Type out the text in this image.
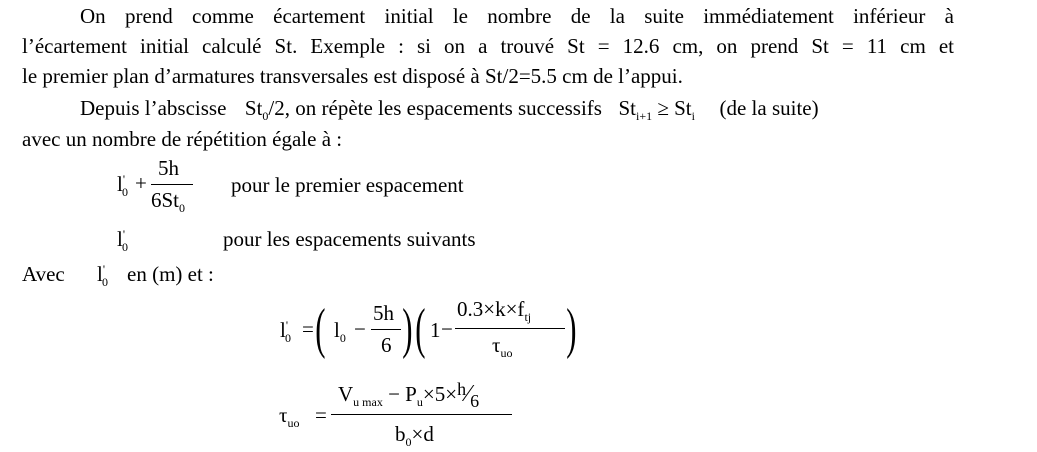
On prend comme écartement initial le nombre de la suite immédiatement inférieur à
l’écartement initial calculé St. Exemple : si on a trouvé St = 12.6 cm, on prend St = 11 cm et
le premier plan d’armatures transversales est disposé à St/2=5.5 cm de l’appui.
Depuis l’abscisse $St_0/2$, on répète les espacements successifs $St_{i+1} \ge St_i$ (de la suite)
avec un nombre de répétition égale à :
$l'_0$ +
5h
$6St_0$
pour le premier espacement
$l'_0$	pour les espacements suivants
Avec $l'_0$ en (m) et :
$l'_0$ = ( $l_0$ −
5h
6 ) ( 1 −
$0.3\times k\times f_{tj}$
$\tau_{uo}$ )
$\tau_{uo}$ =
$V_{u max}$ − $P_u\times 5\times h⁄6$
$b_0\times d$
